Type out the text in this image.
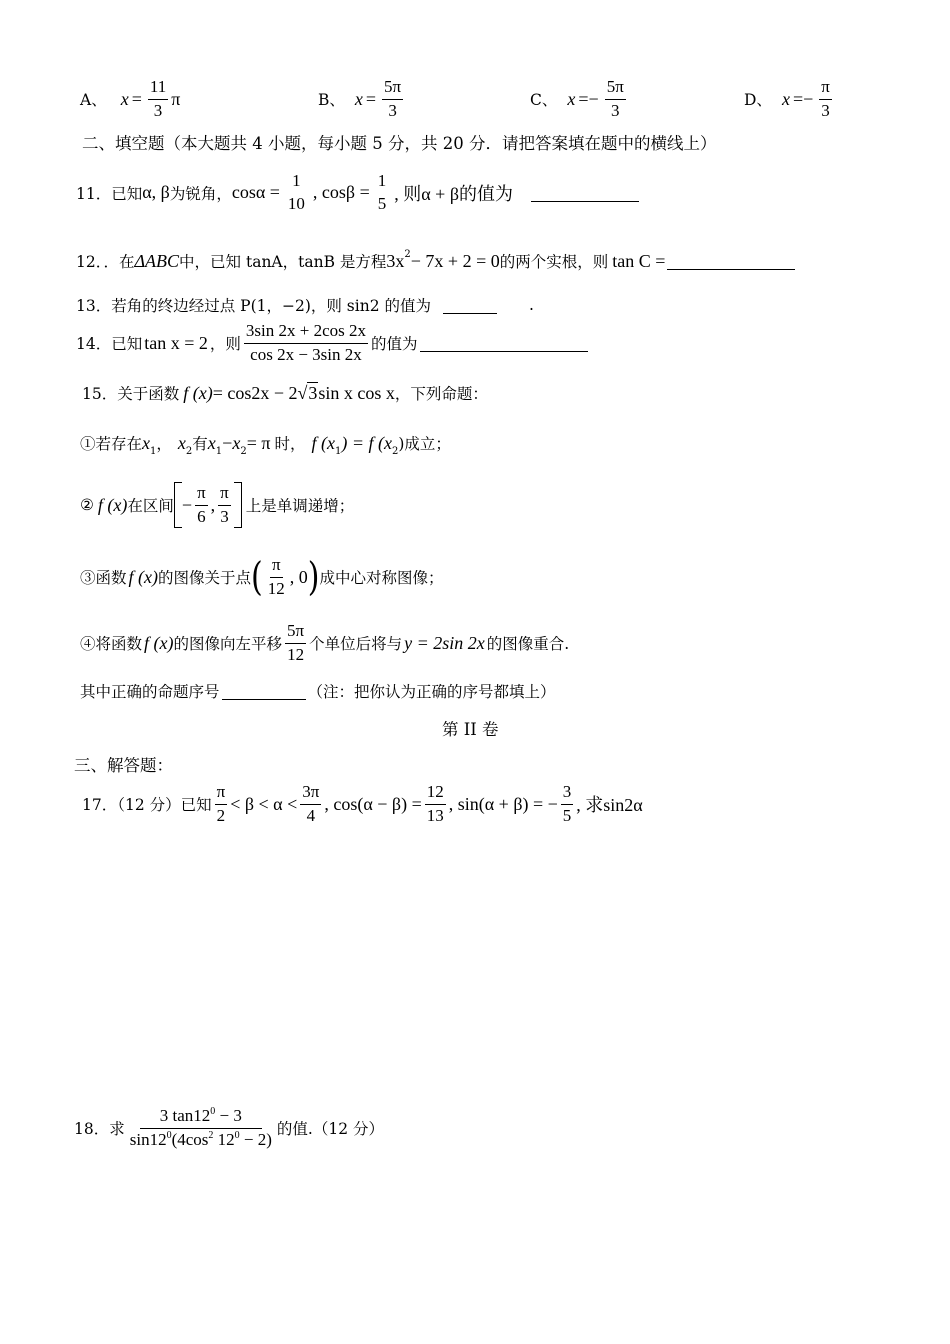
A、 $x = \frac{11}{3}$ π	B、 $x = \frac{5\pi}{3}$	C、 $x =- \frac{5\pi}{3}$	D、 $x =- \frac{\pi}{3}$
二、填空题（本大题共 4 小题，每小题 5 分，共 20 分．请把答案填在题中的横线上）
11．已知 α, β 为锐角， cosα =
1
10
, cosβ =
1
5 , 则α + β的值为
12．．在 ΔABC 中，已知 tanA，tanB 是方程 3x 2 − 7x + 2 = 0 的两个实根，则 tan C =
13．若角的终边经过点 P(1，−2)，则 sin2 的值为	.
14．已知 tan x = 2 ，则 $\frac{3\sin 2x + 2\cos 2x}{\cos 2x - 3\sin 2x}$ 的值为
15．关于函数 f (x) = cos2x − 2 √ 3 sin x cos x ，下列命题：
①若存在 x 1 ， x 2 有 x 1 − x 2 = π 时， f (x 1 ) = f (x 2 )成立；
② f (x) 在区间 − $\frac{\pi}{6}$ , $\frac{\pi}{3}$ 上是单调递增；
③函数 f (x) 的图像关于点 ( $\frac{\pi}{12}$ , 0 ) 成中心对称图像；
④将函数 f (x) 的图像向左平移 $\frac{5\pi}{12}$ 个单位后将与 y = 2sin 2x 的图像重合.
其中正确的命题序号	（注：把你认为正确的序号都填上）
第 II 卷
三、解答题：
17．（12 分）已知 $\frac{\pi}{2} < \beta < \alpha < \frac{3\pi}{4}$ , $\cos(\alpha - \beta) = \frac{12}{13}$ , sin(α + β) = − $\frac{3}{5}$ , 求sin2α
18．求 $\frac{3 \tan 12^0 - 3}{\sin 12^0(4\cos^2 12^0 - 2)}$ 的值.（12 分）
